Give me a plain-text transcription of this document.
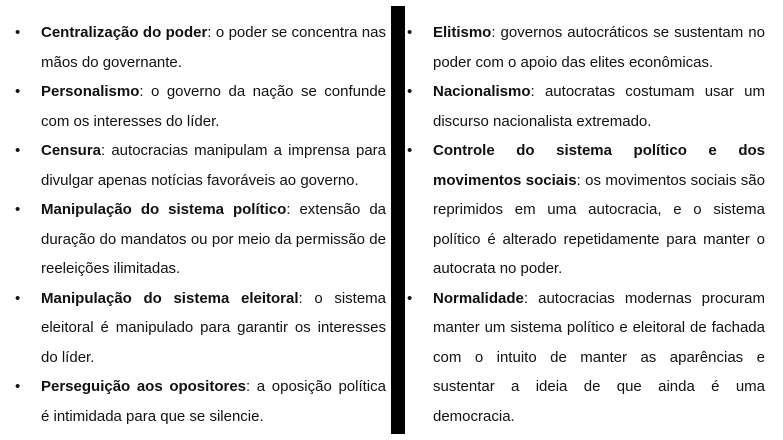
• Centralização do poder: o poder se concentra nas mãos do governante.
• Personalismo: o governo da nação se confunde com os interesses do líder.
• Censura: autocracias manipulam a imprensa para divulgar apenas notícias favoráveis ao governo.
• Manipulação do sistema político: extensão da duração do mandatos ou por meio da permissão de reeleições ilimitadas.
• Manipulação do sistema eleitoral: o sistema eleitoral é manipulado para garantir os interesses do líder.
• Perseguição aos opositores: a oposição política é intimidada para que se silencie.
• Elitismo: governos autocráticos se sustentam no poder com o apoio das elites econômicas.
• Nacionalismo: autocratas costumam usar um discurso nacionalista extremado.
• Controle do sistema político e dos movimentos sociais: os movimentos sociais são reprimidos em uma autocracia, e o sistema político é alterado repetidamente para manter o autocrata no poder.
• Normalidade: autocracias modernas procuram manter um sistema político e eleitoral de fachada com o intuito de manter as aparências e sustentar a ideia de que ainda é uma democracia.
